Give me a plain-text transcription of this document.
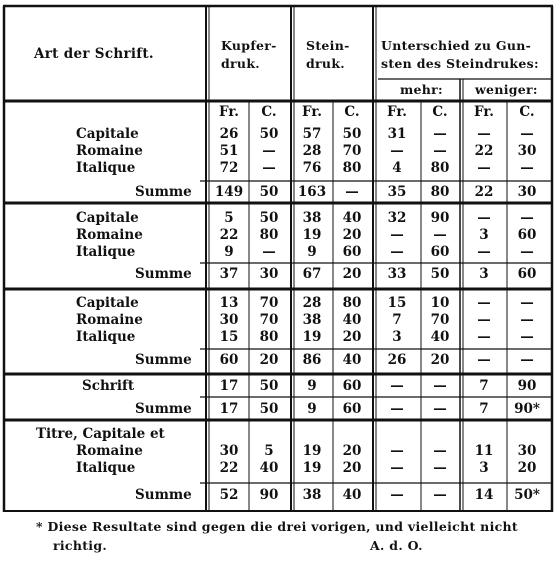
Art der Schrift.
Kupfer-
druk.
Stein-
druk.
Unterschied zu Gun-
sten des Steindrukes:
mehr:	weniger:
Fr.	C.	Fr.	C.	Fr.	C.	Fr.	C.
Capitale	26	50	57	50	31	—	—	—
Romaine	51	—	28	70	—	—	22	30
Italique	72	—	76	80	4	80	—	—
Summe	149	50	163	—	35	80	22	30
Capitale	5	50	38	40	32	90	—	—
Romaine	22	80	19	20	—	—	3	60
Italique	9	—	9	60	—	60	—	—
Summe	37	30	67	20	33	50	3	60
Capitale	13	70	28	80	15	10	—	—
Romaine	30	70	38	40	7	70	—	—
Italique	15	80	19	20	3	40	—	—
Summe	60	20	86	40	26	20	—	—
Schrift	17	50	9	60	—	—	7	90
Summe	17	50	9	60	—	—	7	90*
Titre, Capitale et
Romaine	30	5	19	20	—	—	11	30
Italique	22	40	19	20	—	—	3	20
Summe	52	90	38	40	—	—	14	50*
* Diese Resultate sind gegen die drei vorigen, und vielleicht nicht
richtig.	A. d. O.
